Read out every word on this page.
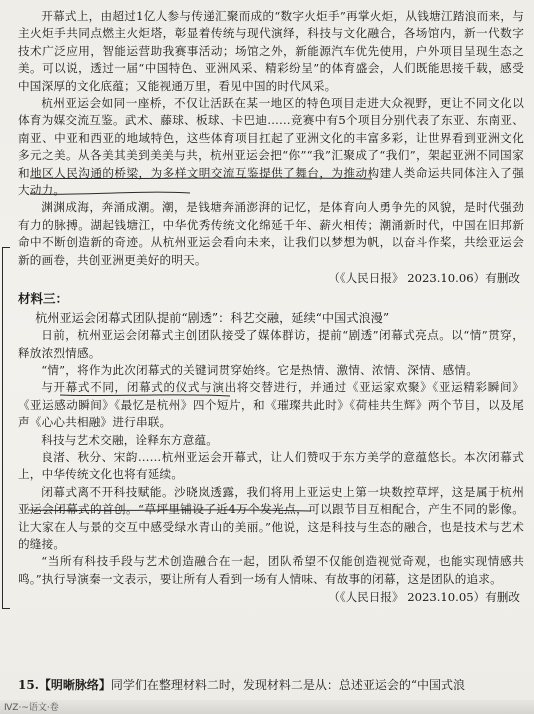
开幕式上，由超过1亿人参与传递汇聚而成的“数字火炬手”再掌火炬，从钱塘江踏浪而来，与主火炬手共同点燃主火炬塔，彰显着传统与现代演绎，科技与文化融合，各场馆内，新一代数字技术广泛应用，智能运营助我赛事活动；场馆之外，新能源汽车优先使用，户外项目呈现生态之美。可以说，透过一届“中国特色、亚洲风采、精彩纷呈”的体育盛会，人们既能思接千载，感受中国深厚的文化底蕴；又能视通万里，看见中国的时代风采。

杭州亚运会如同一座桥，不仅让活跃在某一地区的特色项目走进大众视野，更让不同文化以体育为媒交流互鉴。武术、藤球、板球、卡巴迪……竞赛中有5个项目分别代表了东亚、东南亚、南亚、中亚和西亚的地域特色，这些体育项目扛起了亚洲文化的丰富多彩，让世界看到亚洲文化多元之美。从各美其美到美美与共，杭州亚运会把“你”“我”汇聚成了“我们”，架起亚洲不同国家和地区人民沟通的桥梁，为多样文明交流互鉴提供了舞台，为推动构建人类命运共同体注入了强大动力。

渊渊成海，奔涌成潮。潮，是钱塘奔涌澎湃的记忆，是体育向人勇争先的风貌，是时代强劲有力的脉搏。湖起钱塘江，中华优秀传统文化绵延千年、薪火相传；潮涌新时代，中国在旧邦新命中不断创造新的奇迹。从杭州亚运会看向未来，让我们以梦想为帆，以奋斗作桨，共绘亚运会新的画卷，共创亚洲更美好的明天。

（《人民日报》 2023.10.06）有删改

材料三：

杭州亚运会闭幕式团队提前“剧透”：科艺交融，延续“中国式浪漫”

日前，杭州亚运会闭幕式主创团队接受了媒体群访，提前“剧透”闭幕式亮点。以“情”贯穿，释放浓烈情感。

“情”，将作为此次闭幕式的关键词贯穿始终。它是热情、激情、浓情、深情、感情。

与开幕式不同，闭幕式的仪式与演出将交替进行，并通过《亚运家欢聚》《亚运精彩瞬间》《亚运感动瞬间》《最忆是杭州》四个短片，和《璀璨共此时》《荷桂共生辉》两个节目，以及尾声《心心共相融》进行串联。

科技与艺术交融，诠释东方意蕴。

良渚、秋分、宋韵……杭州亚运会开幕式，让人们赞叹于东方美学的意蕴悠长。本次闭幕式上，中华传统文化也将有延续。

闭幕式离不开科技赋能。沙晓岚透露，我们将用上亚运史上第一块数控草坪，这是属于杭州亚运会闭幕式的首创。“草坪里铺设了近4万个发光点，可以跟节目互相配合，产生不同的影像。让大家在人与景的交互中感受绿水青山的美丽。”他说，这是科技与生态的融合，也是技术与艺术的缝接。

“当所有科技手段与艺术创造融合在一起，团队希望不仅能创造视觉奇观，也能实现情感共鸣。”执行导演秦一文表示，要让所有人看到一场有人情味、有故事的闭幕，这是团队的追求。

（《人民日报》 2023.10.05）有删改

15.【明晰脉络】同学们在整理材料二时，发现材料二是从：总述亚运会的“中国式浪

ⅣZ·~语文·卷
